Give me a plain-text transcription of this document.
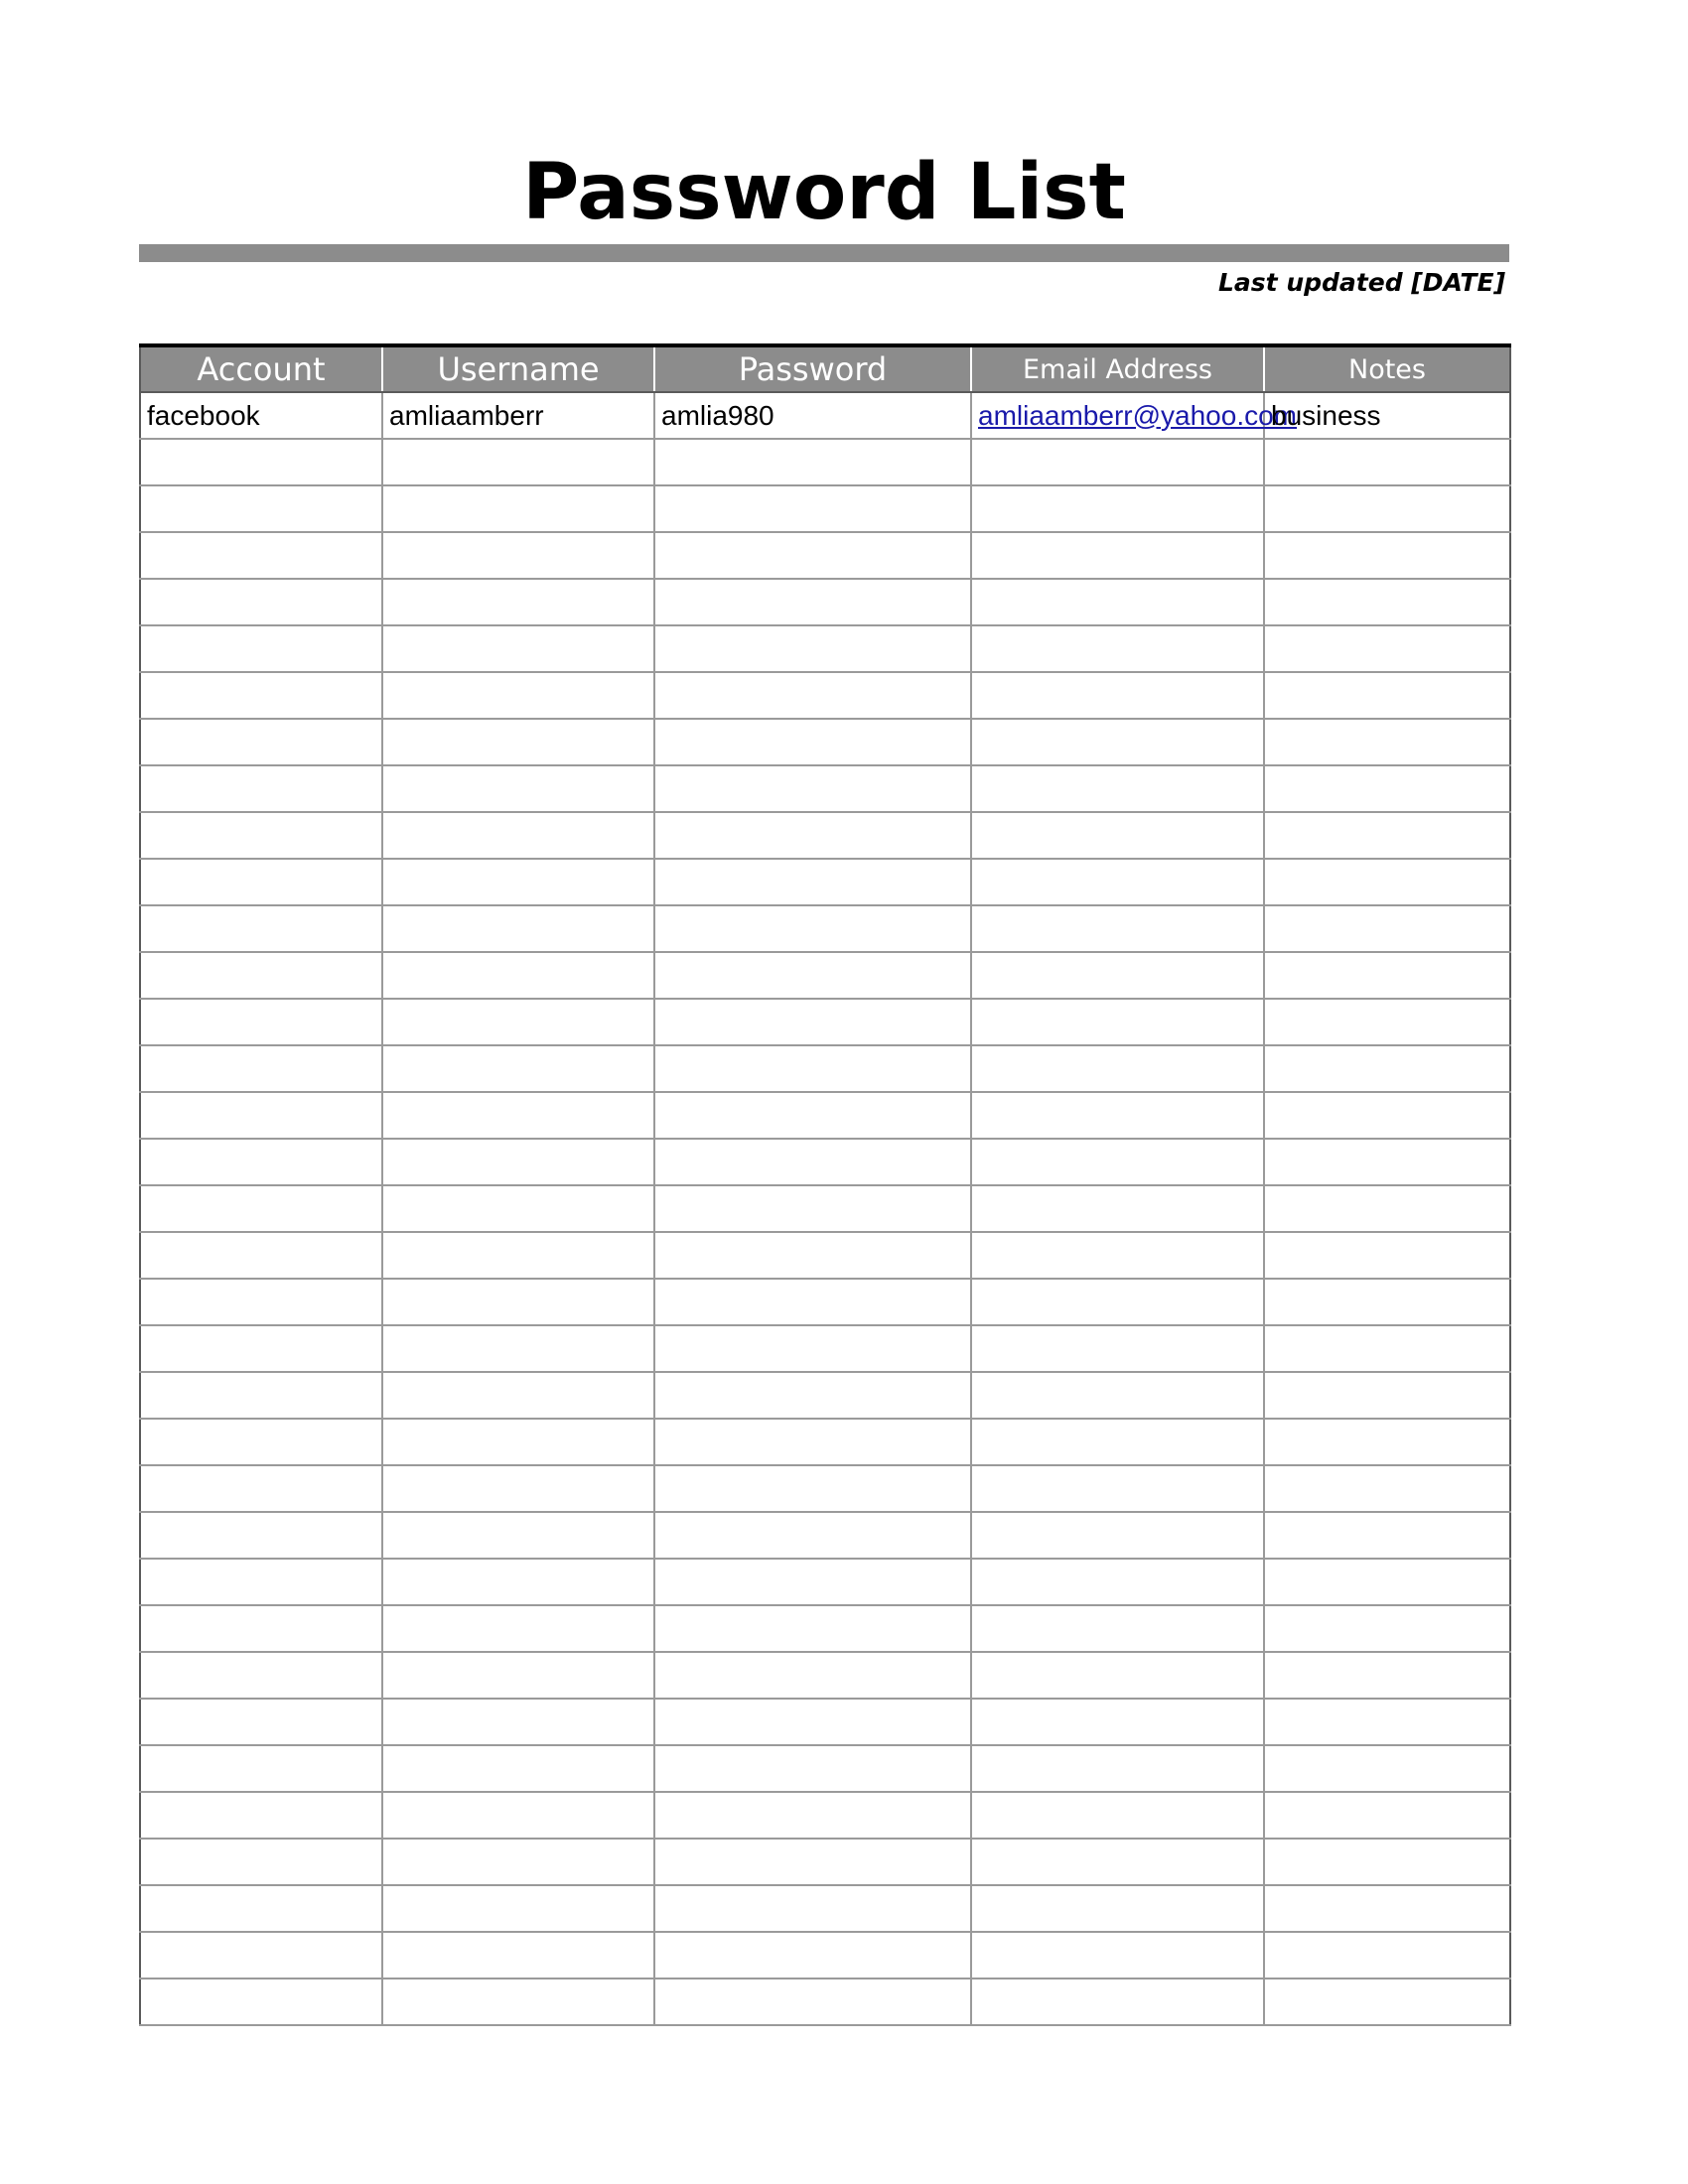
Password List
Last updated [DATE]
Account	Username	Password	Email Address	Notes
facebook	amliaamberr	amlia980	amliaamberr@yahoo.com	business
